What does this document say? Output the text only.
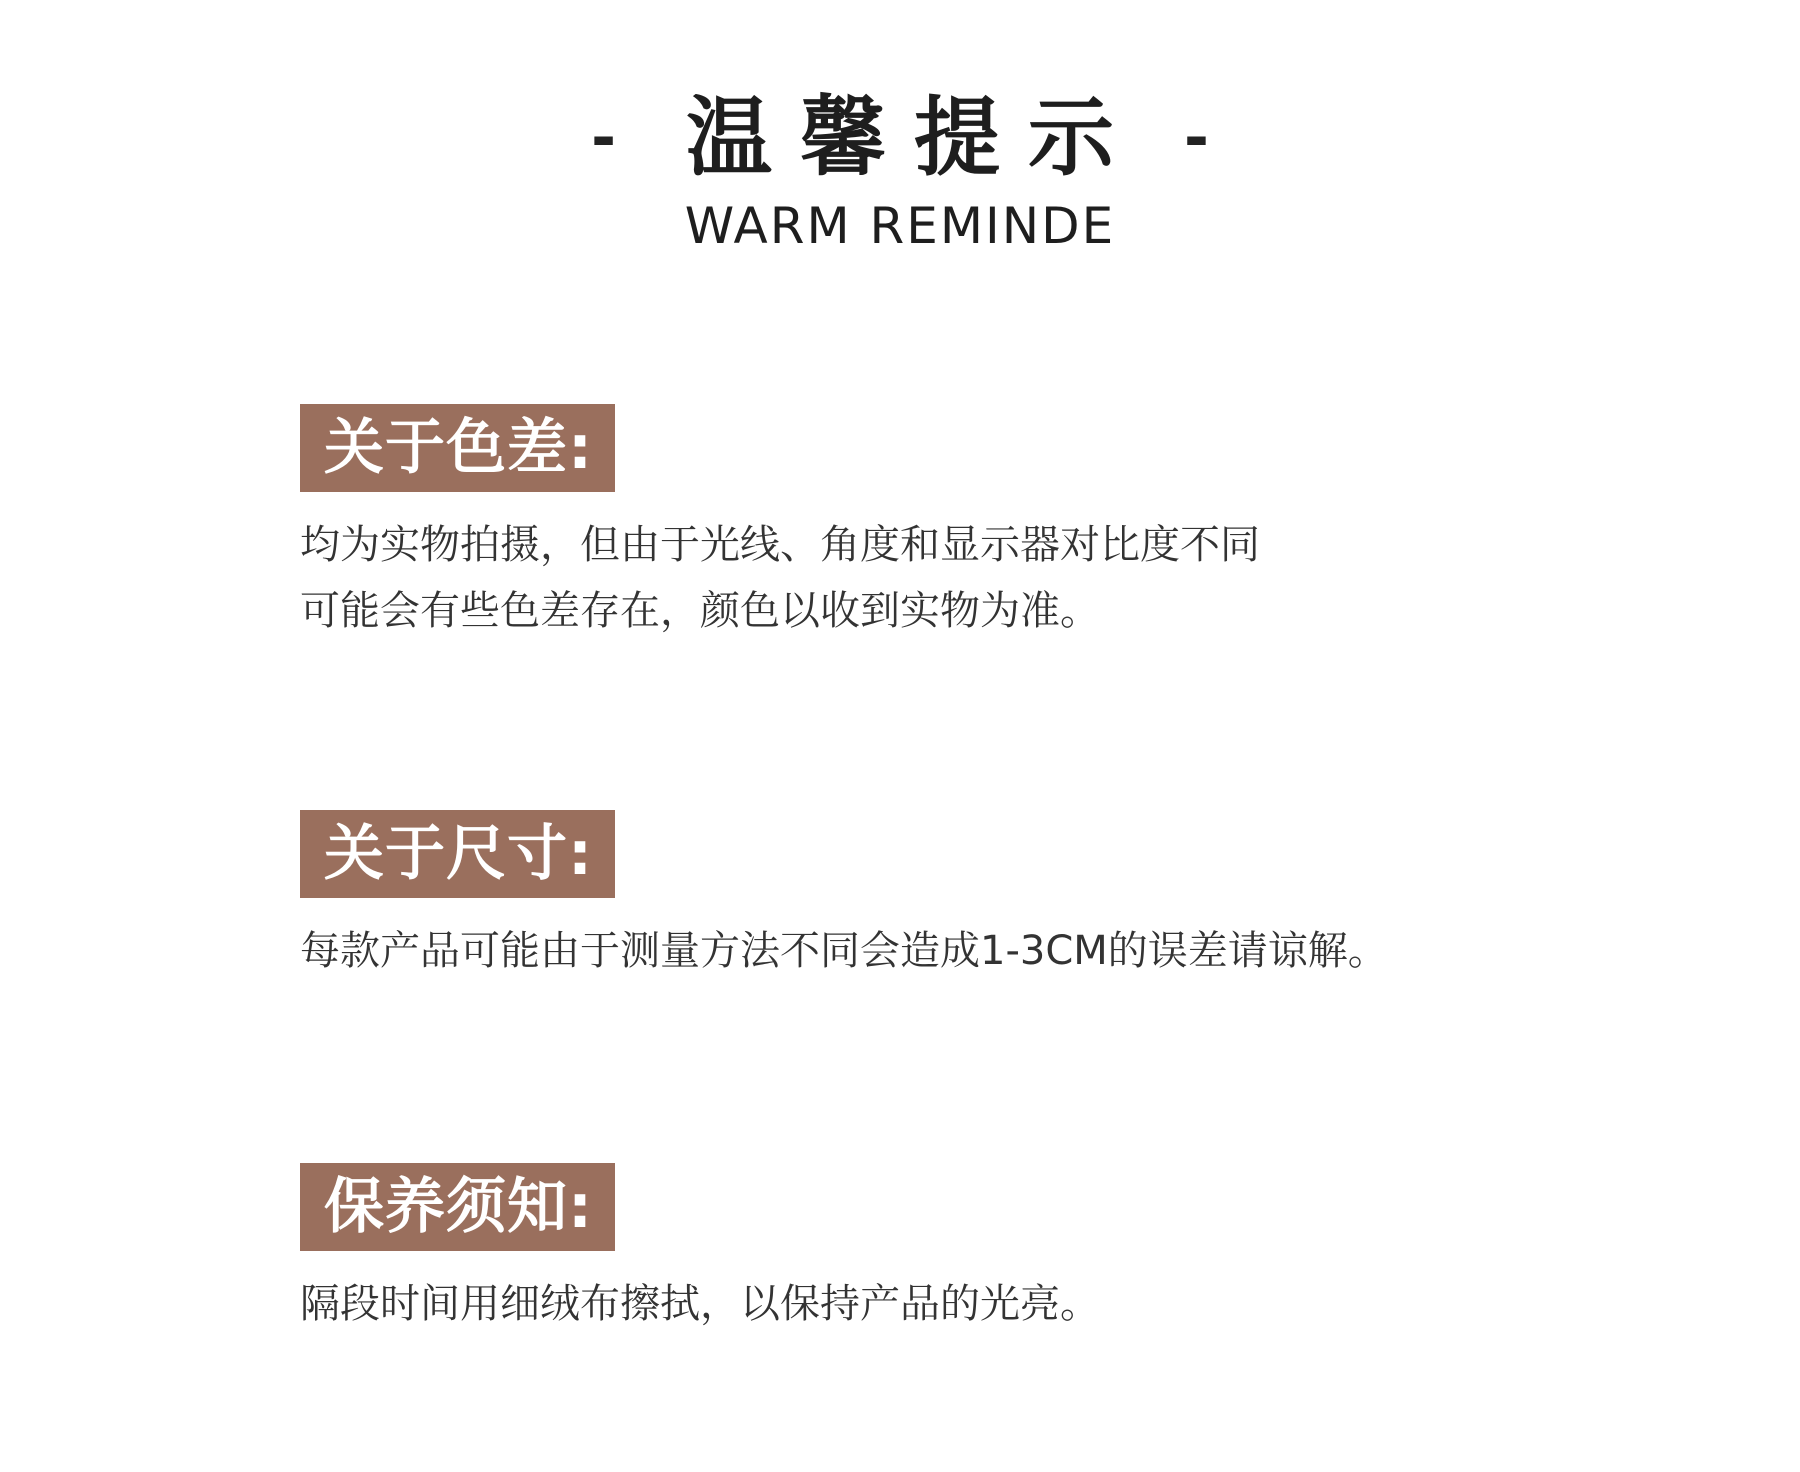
- 温馨提示 -
WARM REMINDE
关于色差:
均为实物拍摄，但由于光线、角度和显示器对比度不同
可能会有些色差存在，颜色以收到实物为准。
关于尺寸:
每款产品可能由于测量方法不同会造成1-3CM的误差请谅解。
保养须知:
隔段时间用细绒布擦拭，以保持产品的光亮。
